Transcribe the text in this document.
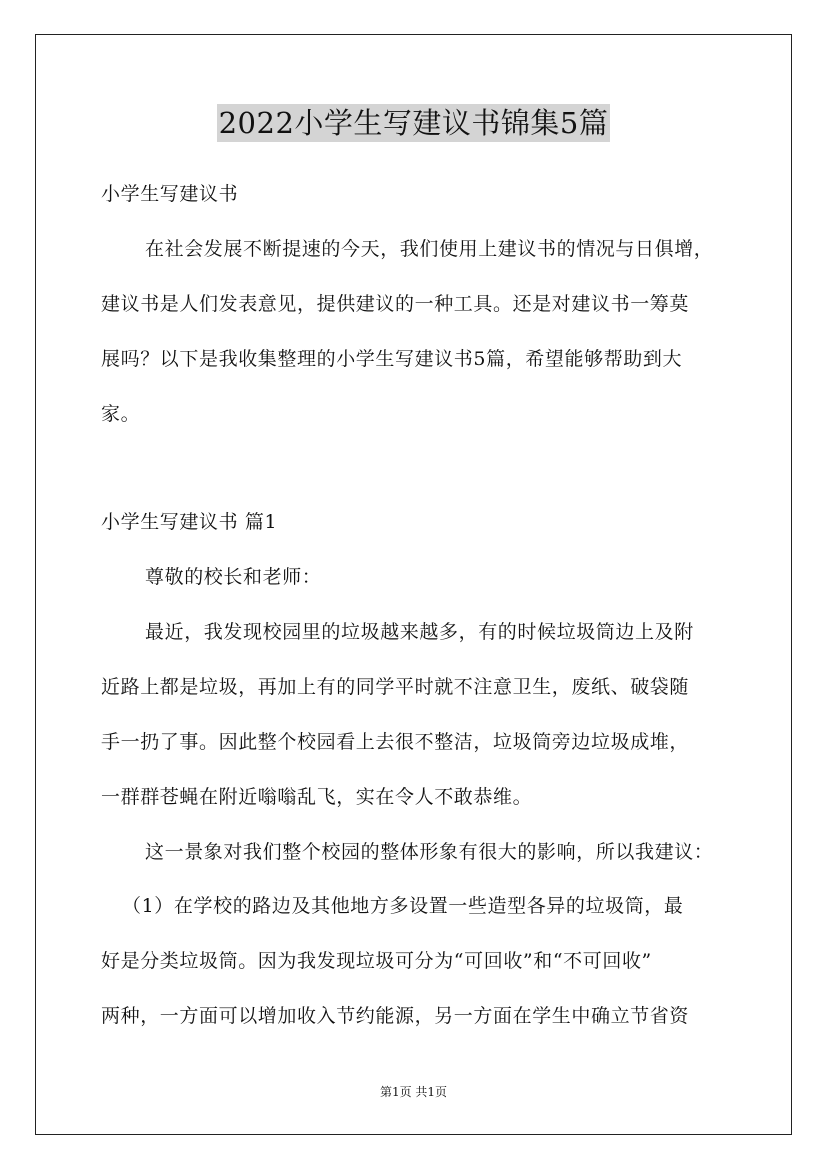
2022小学生写建议书锦集5篇
小学生写建议书
在社会发展不断提速的今天，我们使用上建议书的情况与日俱增，
建议书是人们发表意见，提供建议的一种工具。还是对建议书一筹莫
展吗？以下是我收集整理的小学生写建议书5篇，希望能够帮助到大
家。
小学生写建议书 篇1
尊敬的校长和老师：
最近，我发现校园里的垃圾越来越多，有的时候垃圾筒边上及附
近路上都是垃圾，再加上有的同学平时就不注意卫生，废纸、破袋随
手一扔了事。因此整个校园看上去很不整洁，垃圾筒旁边垃圾成堆，
一群群苍蝇在附近嗡嗡乱飞，实在令人不敢恭维。
这一景象对我们整个校园的整体形象有很大的影响，所以我建议：
（1）在学校的路边及其他地方多设置一些造型各异的垃圾筒，最
好是分类垃圾筒。因为我发现垃圾可分为“可回收”和“不可回收”
两种，一方面可以增加收入节约能源，另一方面在学生中确立节省资
第1页 共1页
